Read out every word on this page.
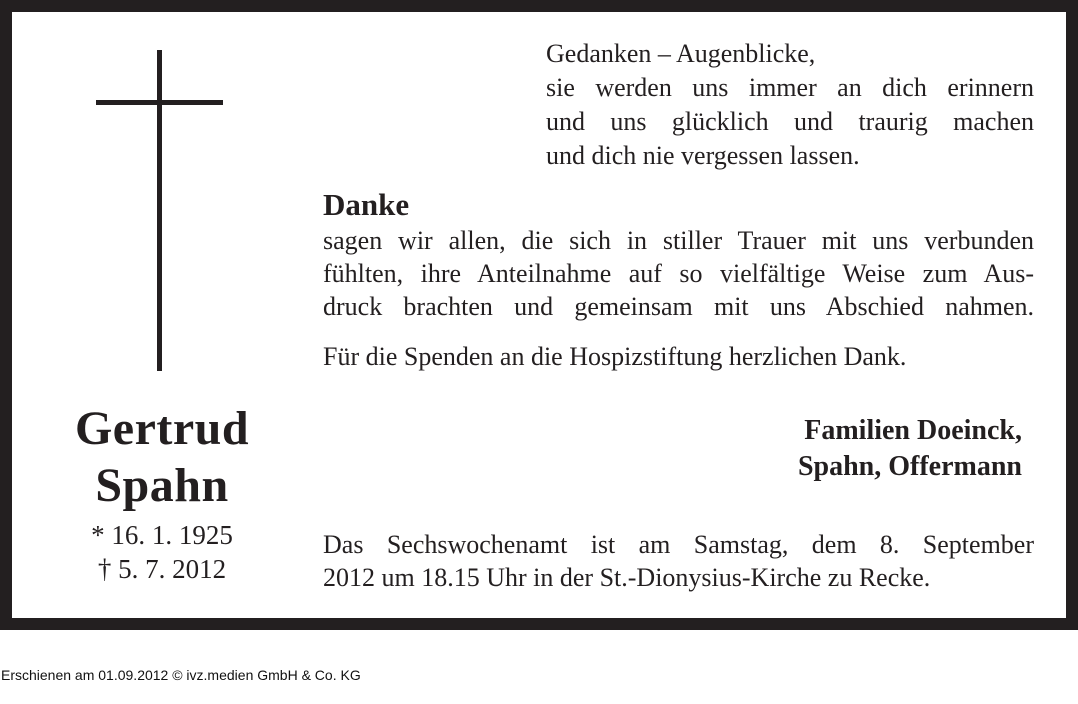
Gertrud
Spahn
* 16. 1. 1925
† 5. 7. 2012
Gedanken – Augenblicke,
sie werden uns immer an dich erinnern
und uns glücklich und traurig machen
und dich nie vergessen lassen.
Danke
sagen wir allen, die sich in stiller Trauer mit uns verbunden
fühlten, ihre Anteilnahme auf so vielfältige Weise zum Aus-
druck brachten und gemeinsam mit uns Abschied nahmen.
Für die Spenden an die Hospizstiftung herzlichen Dank.
Familien Doeinck,
Spahn, Offermann
Das Sechswochenamt ist am Samstag, dem 8. September
2012 um 18.15 Uhr in der St.-Dionysius-Kirche zu Recke.
Erschienen am 01.09.2012 © ivz.medien GmbH & Co. KG
